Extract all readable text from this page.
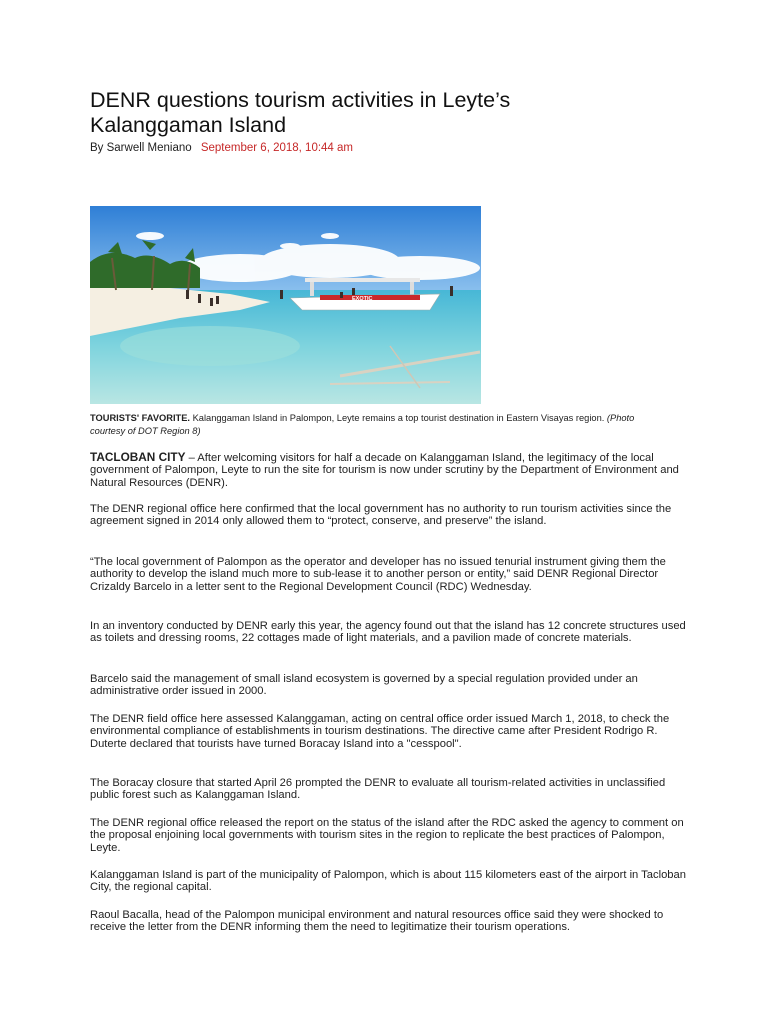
DENR questions tourism activities in Leyte’s
Kalanggaman Island
By Sarwell Meniano September 6, 2018, 10:44 am
EXOTIC
TOURISTS' FAVORITE. Kalanggaman Island in Palompon, Leyte remains a top tourist destination in Eastern Visayas region. (Photo courtesy of DOT Region 8)

TACLOBAN CITY – After welcoming visitors for half a decade on Kalanggaman Island, the legitimacy of the local government of Palompon, Leyte to run the site for tourism is now under scrutiny by the Department of Environment and Natural Resources (DENR).

The DENR regional office here confirmed that the local government has no authority to run tourism activities since the agreement signed in 2014 only allowed them to “protect, conserve, and preserve” the island.

“The local government of Palompon as the operator and developer has no issued tenurial instrument giving them the authority to develop the island much more to sub-lease it to another person or entity,” said DENR Regional Director Crizaldy Barcelo in a letter sent to the Regional Development Council (RDC) Wednesday.

In an inventory conducted by DENR early this year, the agency found out that the island has 12 concrete structures used as toilets and dressing rooms, 22 cottages made of light materials, and a pavilion made of concrete materials.

Barcelo said the management of small island ecosystem is governed by a special regulation provided under an administrative order issued in 2000.

The DENR field office here assessed Kalanggaman, acting on central office order issued March 1, 2018, to check the environmental compliance of establishments in tourism destinations. The directive came after President Rodrigo R. Duterte declared that tourists have turned Boracay Island into a "cesspool".

The Boracay closure that started April 26 prompted the DENR to evaluate all tourism-related activities in unclassified public forest such as Kalanggaman Island.

The DENR regional office released the report on the status of the island after the RDC asked the agency to comment on the proposal enjoining local governments with tourism sites in the region to replicate the best practices of Palompon, Leyte.

Kalanggaman Island is part of the municipality of Palompon, which is about 115 kilometers east of the airport in Tacloban City, the regional capital.

Raoul Bacalla, head of the Palompon municipal environment and natural resources office said they were shocked to receive the letter from the DENR informing them the need to legitimatize their tourism operations.
